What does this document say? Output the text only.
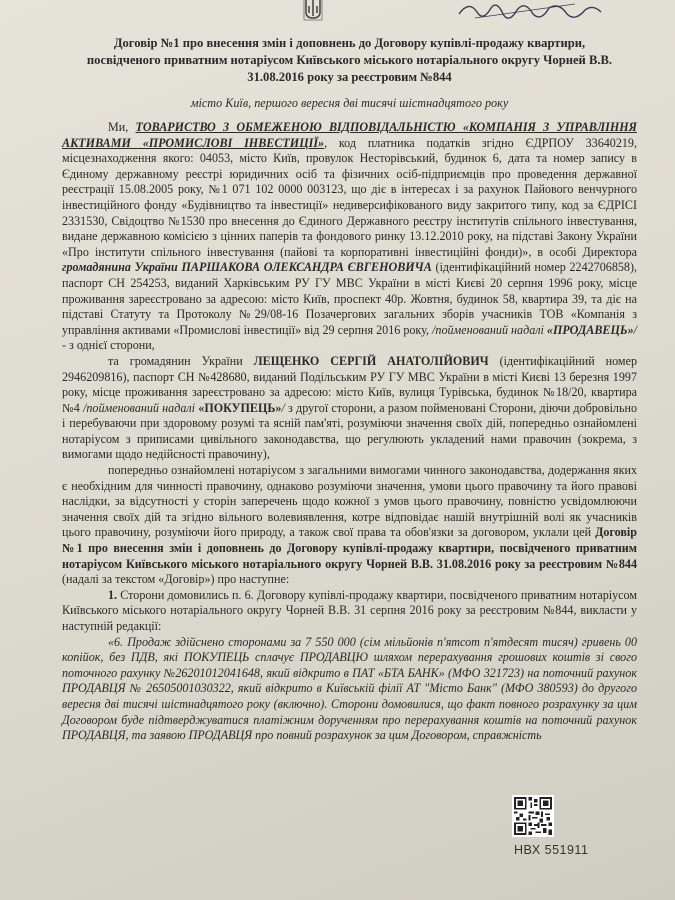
Договір №1 про внесення змін і доповнень до Договору купівлі-продажу квартири,
посвідченого приватним нотаріусом Київського міського нотаріального округу Чорней В.В.
31.08.2016 року за реєстровим №844
місто Київ, першого вересня дві тисячі шістнадцятого року

Ми, ТОВАРИСТВО З ОБМЕЖЕНОЮ ВІДПОВІДАЛЬНІСТЮ «КОМПАНІЯ З УПРАВЛІННЯ АКТИВАМИ «ПРОМИСЛОВІ ІНВЕСТИЦІЇ», код платника податків згідно ЄДРПОУ 33640219, місцезнаходження якого: 04053, місто Київ, провулок Несторівський, будинок 6, дата та номер запису в Єдиному державному реєстрі юридичних осіб та фізичних осіб-підприємців про проведення державної реєстрації 15.08.2005 року, №1 071 102 0000 003123, що діє в інтересах і за рахунок Пайового венчурного інвестиційного фонду «Будівництво та інвестиції» недиверсифікованого виду закритого типу, код за ЄДРІСІ 2331530, Свідоцтво №1530 про внесення до Єдиного Державного реєстру інститутів спільного інвестування, видане державною комісією з цінних паперів та фондового ринку 13.12.2010 року, на підставі Закону України «Про інститути спільного інвестування (пайові та корпоративні інвестиційні фонди)», в особі Директора громадянина України ПАРШАКОВА ОЛЕКСАНДРА ЄВГЕНОВИЧА (ідентифікаційний номер 2242706858), паспорт СН 254253, виданий Харківським РУ ГУ МВС України в місті Києві 20 серпня 1996 року, місце проживання зареєстровано за адресою: місто Київ, проспект 40р. Жовтня, будинок 58, квартира 39, та діє на підставі Статуту та Протоколу №29/08-16 Позачергових загальних зборів учасників ТОВ «Компанія з управління активами «Промислові інвестиції» від 29 серпня 2016 року, /пойменований надалі «ПРОДАВЕЦЬ»/ - з однієї сторони,

та громадянин України ЛЕЩЕНКО СЕРГІЙ АНАТОЛІЙОВИЧ (ідентифікаційний номер 2946209816), паспорт СН №428680, виданий Подільським РУ ГУ МВС України в місті Києві 13 березня 1997 року, місце проживання зареєстровано за адресою: місто Київ, вулиця Турівська, будинок №18/20, квартира №4 /пойменований надалі «ПОКУПЕЦЬ»/ з другої сторони, а разом пойменовані Сторони, діючи добровільно і перебуваючи при здоровому розумі та ясній пам'яті, розуміючи значення своїх дій, попередньо ознайомлені нотаріусом з приписами цивільного законодавства, що регулюють укладений нами правочин (зокрема, з вимогами щодо недійсності правочину),

попередньо ознайомлені нотаріусом з загальними вимогами чинного законодавства, додержання яких є необхідним для чинності правочину, однаково розуміючи значення, умови цього правочину та його правові наслідки, за відсутності у сторін заперечень щодо кожної з умов цього правочину, повністю усвідомлюючи значення своїх дій та згідно вільного волевиявлення, котре відповідає нашій внутрішній волі як учасників цього правочину, розуміючи його природу, а також свої права та обов'язки за договором, уклали цей Договір №1 про внесення змін і доповнень до Договору купівлі-продажу квартири, посвідченого приватним нотаріусом Київського міського нотаріального округу Чорней В.В. 31.08.2016 року за реєстровим №844 (надалі за текстом «Договір») про наступне:

1. Сторони домовились п. 6. Договору купівлі-продажу квартири, посвідченого приватним нотаріусом Київського міського нотаріального округу Чорней В.В. 31 серпня 2016 року за реєстровим №844, викласти у наступній редакції:

«6. Продаж здійснено сторонами за 7 550 000 (сім мільйонів п'ятсот п'ятдесят тисяч) гривень 00 копійок, без ПДВ, які ПОКУПЕЦЬ сплачує ПРОДАВЦЮ шляхом перерахування грошових коштів зі свого поточного рахунку №26201012041648, який відкрито в ПАТ «БТА БАНК» (МФО 321723) на поточний рахунок ПРОДАВЦЯ № 26505001030322, який відкрито в Київській філії АТ "Місто Банк" (МФО 380593) до другого вересня дві тисячі шістнадцятого року (включно). Сторони домовилися, що факт повного розрахунку за цим Договором буде підтверджуватися платіжним дорученням про перерахування коштів на поточний рахунок ПРОДАВЦЯ, та заявою ПРОДАВЦЯ про повний розрахунок за цим Договором, справжність

НВХ 551911
